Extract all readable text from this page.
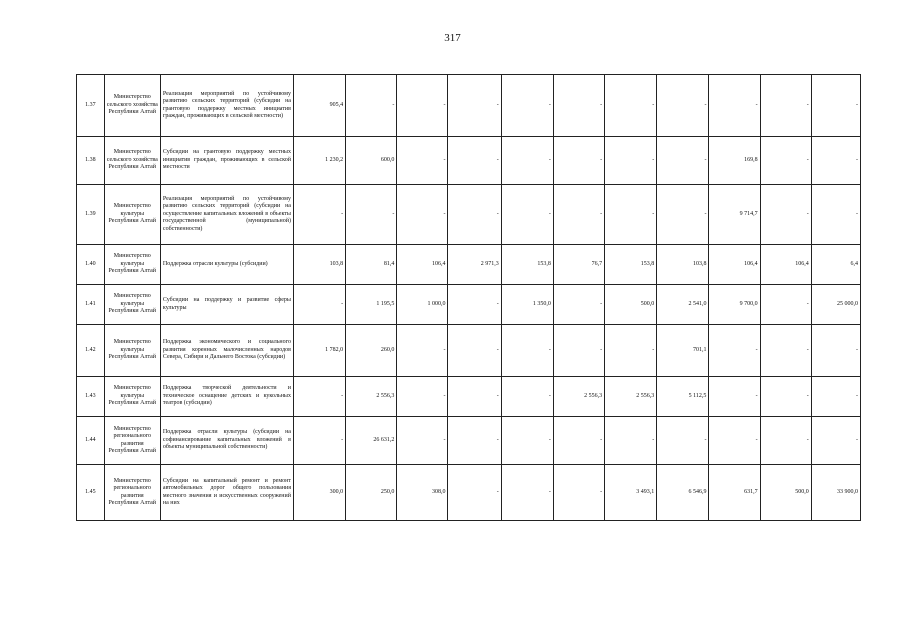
317
1.37	Министерство сельского хозяйства Республики Алтай	Реализация мероприятий по устойчивому развитию сельских территорий (субсидии на грантовую поддержку местных инициатив граждан, проживающих в сельской местности)	905,4	-	-	-	-	-	-	-	-	-	-
1.38	Министерство сельского хозяйства Республики Алтай	Субсидии на грантовую поддержку местных инициатив граждан, проживающих в сельской местности	1 230,2	600,0	-	-	-	-	-	-	169,8	-	-
1.39	Министерство культуры Республики Алтай	Реализация мероприятий по устойчивому развитию сельских территорий (субсидии на осуществление капитальных вложений в объекты государственной (муниципальной) собственности)	-	-	-	-	-	-	-	-	9 714,7	-	-
1.40	Министерство культуры Республики Алтай	Поддержка отрасли культуры (субсидии)	103,8	81,4	106,4	2 971,3	153,8	76,7	153,8	103,8	106,4	106,4	6,4
1.41	Министерство культуры Республики Алтай	Субсидии на поддержку и развитие сферы культуры	-	1 195,5	1 000,0	-	1 350,0	-	500,0	2 541,0	9 700,0	-	25 000,0
1.42	Министерство культуры Республики Алтай	Поддержка экономического и социального развития коренных малочисленных народов Севера, Сибири и Дальнего Востока (субсидии)	1 782,0	260,0	-	-	-	-	-	701,1	-	-	-
1.43	Министерство культуры Республики Алтай	Поддержка творческой деятельности и техническое оснащение детских и кукольных театров (субсидии)	-	2 556,3	-	-	-	2 556,3	2 556,3	5 112,5	-	-	-
1.44	Министерство регионального развития Республики Алтай	Поддержка отрасли культуры (субсидии на софинансирование капитальных вложений в объекты муниципальной собственности)	-	26 631,2	-	-	-	-	-	-	-	-	-
1.45	Министерство регионального развития Республики Алтай	Субсидии на капитальный ремонт и ремонт автомобильных дорог общего пользования местного значения и искусственных сооружений на них	300,0	250,0	308,0	-	-	-	3 493,1	6 546,9	631,7	500,0	33 900,0
